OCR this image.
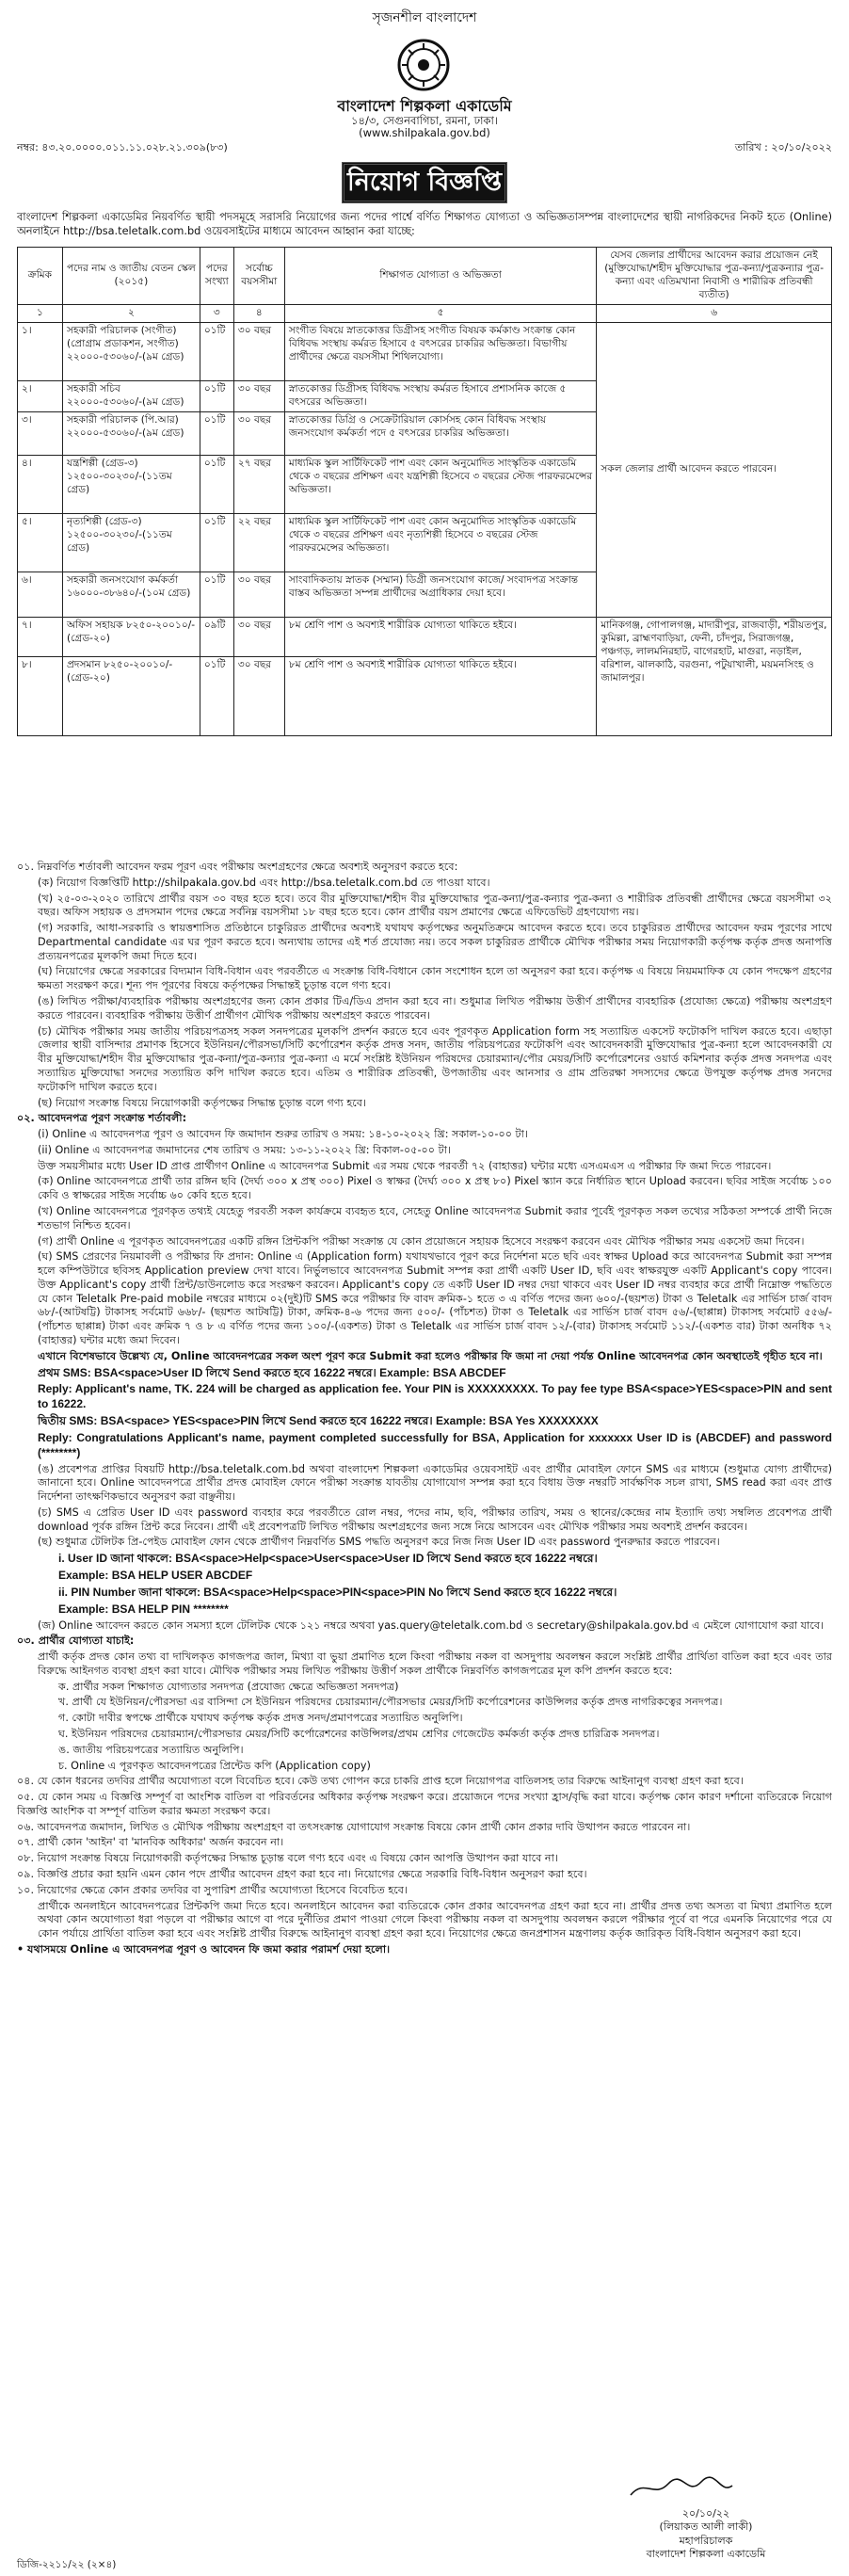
সৃজনশীল বাংলাদেশ
বাংলাদেশ শিল্পকলা একাডেমি
১৪/৩, সেগুনবাগিচা, রমনা, ঢাকা।
(www.shilpakala.gov.bd)
নম্বর: ৪৩.২০.০০০০.০১১.১১.০২৮.২১.৩০৯(৮৩)	তারিখ : ২০/১০/২০২২
নিয়োগ বিজ্ঞপ্তি
বাংলাদেশ শিল্পকলা একাডেমির নিয়বর্ণিত স্থায়ী পদসমূহে সরাসরি নিয়োগের জন্য পদের পার্শ্বে বর্ণিত শিক্ষাগত যোগ্যতা ও অভিজ্ঞতাসম্পন্ন বাংলাদেশের স্থায়ী নাগরিকদের নিকট হতে (Online) অনলাইনে http://bsa.teletalk.com.bd ওয়েবসাইটের মাধ্যমে আবেদন আহ্বান করা যাচ্ছে:
ক্রমিক	পদের নাম ও জাতীয় বেতন স্কেল (২০১৫)	পদের সংখ্যা	সর্বোচ্চ বয়সসীমা	শিক্ষাগত যোগ্যতা ও অভিজ্ঞতা	যেসব জেলার প্রার্থীদের আবেদন করার প্রয়োজন নেই (মুক্তিযোদ্ধা/শহীদ মুক্তিযোদ্ধার পুত্র-কন্যা/পুত্রকন্যার পুত্র-কন্যা এবং এতিমখানা নিবাসী ও শারীরিক প্রতিবন্ধী ব্যতীত)
১	২	৩	৪	৫	৬
১।	সহকারী পরিচালক (সংগীত) (প্রোগ্রাম প্রডাকশন, সংগীত) ২২০০০-৫৩০৬০/-(৯ম গ্রেড)	০১টি	৩০ বছর	সংগীত বিষয়ে স্নাতকোত্তর ডিগ্রীসহ সংগীত বিষয়ক কর্মকাণ্ড সংক্রান্ত কোন বিধিবদ্ধ সংস্থায় কর্মরত হিসাবে ৫ বৎসরের চাকরির অভিজ্ঞতা। বিভাগীয় প্রার্থীদের ক্ষেত্রে বয়সসীমা শিথিলযোগ্য।	সকল জেলার প্রার্থী আবেদন করতে পারবেন।
২।	সহকারী সচিব ২২০০০-৫৩০৬০/-(৯ম গ্রেড)	০১টি	৩০ বছর	স্নাতকোত্তর ডিগ্রীসহ বিধিবদ্ধ সংস্থায় কর্মরত হিসাবে প্রশাসনিক কাজে ৫ বৎসরের অভিজ্ঞতা।	
৩।	সহকারী পরিচালক (পি.আর) ২২০০০-৫৩০৬০/-(৯ম গ্রেড)	০১টি	৩০ বছর	স্নাতকোত্তর ডিগ্রি ও সেক্রেটারিয়াল কোর্সসহ কোন বিধিবদ্ধ সংস্থায় জনসংযোগ কর্মকর্তা পদে ৫ বৎসরের চাকরির অভিজ্ঞতা।	
৪।	যন্ত্রশিল্পী (গ্রেড-৩) ১২৫০০-৩০২৩০/-(১১তম গ্রেড)	০১টি	২৭ বছর	মাধ্যমিক স্কুল সার্টিফিকেট পাশ এবং কোন অনুমোদিত সাংস্কৃতিক একাডেমি থেকে ৩ বছরের প্রশিক্ষণ এবং যন্ত্রশিল্পী হিসেবে ৩ বছরের স্টেজ পারফরমেন্সের অভিজ্ঞতা।	
৫।	নৃত্যশিল্পী (গ্রেড-৩) ১২৫০০-৩০২৩০/-(১১তম গ্রেড)	০১টি	২২ বছর	মাধ্যমিক স্কুল সার্টিফিকেট পাশ এবং কোন অনুমোদিত সাংস্কৃতিক একাডেমি থেকে ৩ বছরের প্রশিক্ষণ এবং নৃত্যশিল্পী হিসেবে ৩ বছরের স্টেজ পারফরমেন্সের অভিজ্ঞতা।	
৬।	সহকারী জনসংযোগ কর্মকর্তা ১৬০০০-৩৮৬৪০/-(১০ম গ্রেড)	০১টি	৩০ বছর	সাংবাদিকতায় স্নাতক (সম্মান) ডিগ্রী জনসংযোগ কাজে/ সংবাদপত্র সংক্রান্ত বাস্তব অভিজ্ঞতা সম্পন্ন প্রার্থীদের অগ্রাধিকার দেয়া হবে।	
৭।	অফিস সহায়ক ৮২৫০-২০০১০/-(গ্রেড-২০)	০৯টি	৩০ বছর	৮ম শ্রেণি পাশ ও অবশ্যই শারীরিক যোগ্যতা থাকিতে হইবে।	মানিকগঞ্জ, গোপালগঞ্জ, মাদারীপুর, রাজবাড়ী, শরীয়তপুর, কুমিল্লা, ব্রাহ্মণবাড়িয়া, ফেনী, চাঁদপুর, সিরাজগঞ্জ, পঞ্চগড়, লালমনিরহাট, বাগেরহাট, মাগুরা, নড়াইল, বরিশাল, ঝালকাঠি, বরগুনা, পটুয়াখালী, ময়মনসিংহ ও জামালপুর।
৮।	প্রদসমান ৮২৫০-২০০১০/-(গ্রেড-২০)	০১টি	৩০ বছর	৮ম শ্রেণি পাশ ও অবশ্যই শারীরিক যোগ্যতা থাকিতে হইবে।	

০১. নিম্নবর্ণিত শর্তাবলী আবেদন ফরম পূরণ এবং পরীক্ষায় অংশগ্রহণের ক্ষেত্রে অবশ্যই অনুসরণ করতে হবে:

(ক) নিয়োগ বিজ্ঞপ্তিটি http://shilpakala.gov.bd এবং http://bsa.teletalk.com.bd তে পাওয়া যাবে।

(খ) ২৫-০৩-২০২০ তারিখে প্রার্থীর বয়স ৩০ বছর হতে হবে। তবে বীর মুক্তিযোদ্ধা/শহীদ বীর মুক্তিযোদ্ধার পুত্র-কন্যা/পুত্র-কন্যার পুত্র-কন্যা ও শারীরিক প্রতিবন্ধী প্রার্থীদের ক্ষেত্রে বয়সসীমা ৩২ বছর। অফিস সহায়ক ও প্রদসমান পদের ক্ষেত্রে সর্বনিম্ন বয়সসীমা ১৮ বছর হতে হবে। কোন প্রার্থীর বয়স প্রমাণের ক্ষেত্রে এফিডেভিট গ্রহণযোগ্য নয়।

(গ) সরকারি, আধা-সরকারি ও স্বায়ত্তশাসিত প্রতিষ্ঠানে চাকুরিরত প্রার্থীদের অবশ্যই যথাযথ কর্তৃপক্ষের অনুমতিক্রমে আবেদন করতে হবে। তবে চাকুরিরত প্রার্থীদের আবেদন ফরম পূরণের সাথে Departmental candidate এর ঘর পূরণ করতে হবে। অন্যথায় তাদের এই শর্ত প্রযোজ্য নয়। তবে সকল চাকুরিরত প্রার্থীকে মৌখিক পরীক্ষার সময় নিয়োগকারী কর্তৃপক্ষ কর্তৃক প্রদত্ত অনাপত্তি প্রত্যয়নপত্রের মূলকপি জমা দিতে হবে।

(ঘ) নিয়োগের ক্ষেত্রে সরকারের বিদ্যমান বিধি-বিধান এবং পরবর্তীতে এ সংক্রান্ত বিধি-বিধানে কোন সংশোধন হলে তা অনুসরণ করা হবে। কর্তৃপক্ষ এ বিষয়ে নিয়মমাফিক যে কোন পদক্ষেপ গ্রহণের ক্ষমতা সংরক্ষণ করে। শূন্য পদ পূরণের বিষয়ে কর্তৃপক্ষের সিদ্ধান্তই চূড়ান্ত বলে গণ্য হবে।

(ঙ) লিখিত পরীক্ষা/ব্যবহারিক পরীক্ষায় অংশগ্রহণের জন্য কোন প্রকার টিএ/ডিএ প্রদান করা হবে না। শুধুমাত্র লিখিত পরীক্ষায় উত্তীর্ণ প্রার্থীদের ব্যবহারিক (প্রযোজ্য ক্ষেত্রে) পরীক্ষায় অংশগ্রহণ করতে পারবেন। ব্যবহারিক পরীক্ষায় উত্তীর্ণ প্রার্থীগণ মৌখিক পরীক্ষায় অংশগ্রহণ করতে পারবেন।

(চ) মৌখিক পরীক্ষার সময় জাতীয় পরিচয়পত্রসহ সকল সনদপত্রের মূলকপি প্রদর্শন করতে হবে এবং পূরণকৃত Application form সহ সত্যায়িত একসেট ফটোকপি দাখিল করতে হবে। এছাড়া জেলার স্থায়ী বাসিন্দার প্রমাণক হিসেবে ইউনিয়ন/পৌরসভা/সিটি কর্পোরেশন কর্তৃক প্রদত্ত সনদ, জাতীয় পরিচয়পত্রের ফটোকপি এবং আবেদনকারী মুক্তিযোদ্ধার পুত্র-কন্যা হলে আবেদনকারী যে বীর মুক্তিযোদ্ধা/শহীদ বীর মুক্তিযোদ্ধার পুত্র-কন্যা/পুত্র-কন্যার পুত্র-কন্যা এ মর্মে সংশ্লিষ্ট ইউনিয়ন পরিষদের চেয়ারম্যান/পৌর মেয়র/সিটি কর্পোরেশনের ওয়ার্ড কমিশনার কর্তৃক প্রদত্ত সনদপত্র এবং সত্যায়িত মুক্তিযোদ্ধা সনদের সত্যায়িত কপি দাখিল করতে হবে। এতিম ও শারীরিক প্রতিবন্ধী, উপজাতীয় এবং আনসার ও গ্রাম প্রতিরক্ষা সদস্যদের ক্ষেত্রে উপযুক্ত কর্তৃপক্ষ প্রদত্ত সনদের ফটোকপি দাখিল করতে হবে।

(ছ) নিয়োগ সংক্রান্ত বিষয়ে নিয়োগকারী কর্তৃপক্ষের সিদ্ধান্ত চূড়ান্ত বলে গণ্য হবে।

০২. আবেদনপত্র পূরণ সংক্রান্ত শর্তাবলী:

(i) Online এ আবেদনপত্র পূরণ ও আবেদন ফি জমাদান শুরুর তারিখ ও সময়: ১৪-১০-২০২২ খ্রি: সকাল-১০-০০ টা।

(ii) Online এ আবেদনপত্র জমাদানের শেষ তারিখ ও সময়: ১৩-১১-২০২২ খ্রি: বিকাল-০৫-০০ টা।

উক্ত সময়সীমার মধ্যে User ID প্রাপ্ত প্রার্থীগণ Online এ আবেদনপত্র Submit এর সময় থেকে পরবর্তী ৭২ (বাহাত্তর) ঘন্টার মধ্যে এসএমএস এ পরীক্ষার ফি জমা দিতে পারবেন।

(ক) Online আবেদনপত্রে প্রার্থী তার রঙ্গিন ছবি (দৈর্ঘ্য ৩০০ x প্রস্থ ৩০০) Pixel ও স্বাক্ষর (দৈর্ঘ্য ৩০০ x প্রস্থ ৮০) Pixel স্ক্যান করে নির্ধারিত স্থানে Upload করবেন। ছবির সাইজ সর্বোচ্চ ১০০ কেবি ও স্বাক্ষরের সাইজ সর্বোচ্চ ৬০ কেবি হতে হবে।

(খ) Online আবেদনপত্রে পূরণকৃত তথ্যই যেহেতু পরবর্তী সকল কার্যক্রমে ব্যবহৃত হবে, সেহেতু Online আবেদনপত্র Submit করার পূর্বেই পূরণকৃত সকল তথ্যের সঠিকতা সম্পর্কে প্রার্থী নিজে শতভাগ নিশ্চিত হবেন।

(গ) প্রার্থী Online এ পূরণকৃত আবেদনপত্রের একটি রঙ্গিন প্রিন্টকপি পরীক্ষা সংক্রান্ত যে কোন প্রয়োজনে সহায়ক হিসেবে সংরক্ষণ করবেন এবং মৌখিক পরীক্ষার সময় একসেট জমা দিবেন।

(ঘ) SMS প্রেরণের নিয়মাবলী ও পরীক্ষার ফি প্রদান: Online এ (Application form) যথাযথভাবে পূরণ করে নির্দেশনা মতে ছবি এবং স্বাক্ষর Upload করে আবেদনপত্র Submit করা সম্পন্ন হলে কম্পিউটারে ছবিসহ Application preview দেখা যাবে। নির্ভুলভাবে আবেদনপত্র Submit সম্পন্ন করা প্রার্থী একটি User ID, ছবি এবং স্বাক্ষরযুক্ত একটি Applicant's copy পাবেন। উক্ত Applicant's copy প্রার্থী প্রিন্ট/ডাউনলোড করে সংরক্ষণ করবেন। Applicant's copy তে একটি User ID নম্বর দেয়া থাকবে এবং User ID নম্বর ব্যবহার করে প্রার্থী নিম্নোক্ত পদ্ধতিতে যে কোন Teletalk Pre-paid mobile নম্বরের মাধ্যমে ০২(দুই)টি SMS করে পরীক্ষার ফি বাবদ ক্রমিক-১ হতে ৩ এ বর্ণিত পদের জন্য ৬০০/-(ছয়শত) টাকা ও Teletalk এর সার্ভিস চার্জ বাবদ ৬৮/-(আটষট্টি) টাকাসহ সর্বমোট ৬৬৮/- (ছয়শত আটষট্টি) টাকা, ক্রমিক-৪-৬ পদের জন্য ৫০০/- (পাঁচশত) টাকা ও Teletalk এর সার্ভিস চার্জ বাবদ ৫৬/-(ছাপ্পান্ন) টাকাসহ সর্বমোট ৫৫৬/-(পাঁচশত ছাপ্পান্ন) টাকা এবং ক্রমিক ৭ ও ৮ এ বর্ণিত পদের জন্য ১০০/-(একশত) টাকা ও Teletalk এর সার্ভিস চার্জ বাবদ ১২/-(বার) টাকাসহ সর্বমোট ১১২/-(একশত বার) টাকা অনধিক ৭২ (বাহাত্তর) ঘন্টার মধ্যে জমা দিবেন।

এখানে বিশেষভাবে উল্লেখ্য যে, Online আবেদনপত্রের সকল অংশ পূরণ করে Submit করা হলেও পরীক্ষার ফি জমা না দেয়া পর্যন্ত Online আবেদনপত্র কোন অবস্থাতেই গৃহীত হবে না।

প্রথম SMS: BSA<space>User ID লিখে Send করতে হবে 16222 নম্বরে। Example: BSA ABCDEF

Reply: Applicant's name, TK. 224 will be charged as application fee. Your PIN is XXXXXXXXX. To pay fee type BSA<space>YES<space>PIN and sent to 16222.

দ্বিতীয় SMS: BSA<space> YES<space>PIN লিখে Send করতে হবে 16222 নম্বরে। Example: BSA Yes XXXXXXXX

Reply: Congratulations Applicant's name, payment completed successfully for BSA, Application for xxxxxxx User ID is (ABCDEF) and password (********)

(ঙ) প্রবেশপত্র প্রাপ্তির বিষয়টি http://bsa.teletalk.com.bd অথবা বাংলাদেশ শিল্পকলা একাডেমির ওয়েবসাইট এবং প্রার্থীর মোবাইল ফোনে SMS এর মাধ্যমে (শুধুমাত্র যোগ্য প্রার্থীদের) জানানো হবে। Online আবেদনপত্রে প্রার্থীর প্রদত্ত মোবাইল ফোনে পরীক্ষা সংক্রান্ত যাবতীয় যোগাযোগ সম্পন্ন করা হবে বিধায় উক্ত নম্বরটি সার্বক্ষণিক সচল রাখা, SMS read করা এবং প্রাপ্ত নির্দেশনা তাৎক্ষণিকভাবে অনুসরণ করা বাঞ্ছনীয়।

(চ) SMS এ প্রেরিত User ID এবং password ব্যবহার করে পরবর্তীতে রোল নম্বর, পদের নাম, ছবি, পরীক্ষার তারিখ, সময় ও স্থানের/কেন্দ্রের নাম ইত্যাদি তথ্য সম্বলিত প্রবেশপত্র প্রার্থী download পূর্বক রঙ্গিন প্রিন্ট করে নিবেন। প্রার্থী এই প্রবেশপত্রটি লিখিত পরীক্ষায় অংশগ্রহণের জন্য সঙ্গে নিয়ে আসবেন এবং মৌখিক পরীক্ষার সময় অবশ্যই প্রদর্শন করবেন।

(ছ) শুধুমাত্র টেলিটক প্রি-পেইড মোবাইল ফোন থেকে প্রার্থীগণ নিম্নবর্ণিত SMS পদ্ধতি অনুসরণ করে নিজ নিজ User ID এবং password পুনরুদ্ধার করতে পারবেন।

i. User ID জানা থাকলে: BSA<space>Help<space>User<space>User ID লিখে Send করতে হবে 16222 নম্বরে।

Example: BSA HELP USER ABCDEF

ii. PIN Number জানা থাকলে: BSA<space>Help<space>PIN<space>PIN No লিখে Send করতে হবে 16222 নম্বরে।

Example: BSA HELP PIN ********

(জ) Online আবেদন করতে কোন সমস্যা হলে টেলিটক থেকে ১২১ নম্বরে অথবা yas.query@teletalk.com.bd ও secretary@shilpakala.gov.bd এ মেইলে যোগাযোগ করা যাবে।

০৩. প্রার্থীর যোগ্যতা যাচাই:

প্রার্থী কর্তৃক প্রদত্ত কোন তথ্য বা দাখিলকৃত কাগজপত্র জাল, মিথ্যা বা ভুয়া প্রমাণিত হলে কিংবা পরীক্ষায় নকল বা অসদুপায় অবলম্বন করলে সংশ্লিষ্ট প্রার্থীর প্রার্থিতা বাতিল করা হবে এবং তার বিরুদ্ধে আইনগত ব্যবস্থা গ্রহণ করা যাবে। মৌখিক পরীক্ষার সময় লিখিত পরীক্ষায় উত্তীর্ণ সকল প্রার্থীকে নিম্নবর্ণিত কাগজপত্রের মূল কপি প্রদর্শন করতে হবে:

ক. প্রার্থীর সকল শিক্ষাগত যোগ্যতার সনদপত্র (প্রযোজ্য ক্ষেত্রে অভিজ্ঞতা সনদপত্র)

খ. প্রার্থী যে ইউনিয়ন/পৌরসভা এর বাসিন্দা সে ইউনিয়ন পরিষদের চেয়ারম্যান/পৌরসভার মেয়র/সিটি কর্পোরেশনের কাউন্সিলর কর্তৃক প্রদত্ত নাগরিকত্বের সনদপত্র।

গ. কোটা দাবীর স্বপক্ষে প্রার্থীকে যথাযথ কর্তৃপক্ষ কর্তৃক প্রদত্ত সনদ/প্রমাণপত্রের সত্যায়িত অনুলিপি।

ঘ. ইউনিয়ন পরিষদের চেয়ারম্যান/পৌরসভার মেয়র/সিটি কর্পোরেশনের কাউন্সিলর/প্রথম শ্রেণির গেজেটেড কর্মকর্তা কর্তৃক প্রদত্ত চারিত্রিক সনদপত্র।

ঙ. জাতীয় পরিচয়পত্রের সত্যায়িত অনুলিপি।

চ. Online এ পূরণকৃত আবেদনপত্রের প্রিন্টেড কপি (Application copy)

০৪. যে কোন ধরনের তদবির প্রার্থীর অযোগ্যতা বলে বিবেচিত হবে। কেউ তথ্য গোপন করে চাকরি প্রাপ্ত হলে নিয়োগপত্র বাতিলসহ তার বিরুদ্ধে আইনানুগ ব্যবস্থা গ্রহণ করা হবে।

০৫. যে কোন সময় এ বিজ্ঞপ্তি সম্পূর্ণ বা আংশিক বাতিল বা পরিবর্তনের অধিকার কর্তৃপক্ষ সংরক্ষণ করে। প্রয়োজনে পদের সংখ্যা হ্রাস/বৃদ্ধি করা যাবে। কর্তৃপক্ষ কোন কারণ দর্শানো ব্যতিরেকে নিয়োগ বিজ্ঞপ্তি আংশিক বা সম্পূর্ণ বাতিল করার ক্ষমতা সংরক্ষণ করে।

০৬. আবেদনপত্র জমাদান, লিখিত ও মৌখিক পরীক্ষায় অংশগ্রহণ বা তৎসংক্রান্ত যোগাযোগ সংক্রান্ত বিষয়ে কোন প্রার্থী কোন প্রকার দাবি উত্থাপন করতে পারবেন না।

০৭. প্রার্থী কোন 'আইন' বা 'মানবিক অধিকার' অর্জন করবেন না।

০৮. নিয়োগ সংক্রান্ত বিষয়ে নিয়োগকারী কর্তৃপক্ষের সিদ্ধান্ত চূড়ান্ত বলে গণ্য হবে এবং এ বিষয়ে কোন আপত্তি উত্থাপন করা যাবে না।

০৯. বিজ্ঞপ্তি প্রচার করা হয়নি এমন কোন পদে প্রার্থীর আবেদন গ্রহণ করা হবে না। নিয়োগের ক্ষেত্রে সরকারি বিধি-বিধান অনুসরণ করা হবে।

১০. নিয়োগের ক্ষেত্রে কোন প্রকার তদবির বা সুপারিশ প্রার্থীর অযোগ্যতা হিসেবে বিবেচিত হবে।

প্রার্থীকে অনলাইনে আবেদনপত্রের প্রিন্টকপি জমা দিতে হবে। অনলাইনে আবেদন করা ব্যতিরেকে কোন প্রকার আবেদনপত্র গ্রহণ করা হবে না। প্রার্থীর প্রদত্ত তথ্য অসত্য বা মিথ্যা প্রমাণিত হলে অথবা কোন অযোগ্যতা ধরা পড়লে বা পরীক্ষার আগে বা পরে দুর্নীতির প্রমাণ পাওয়া গেলে কিংবা পরীক্ষায় নকল বা অসদুপায় অবলম্বন করলে পরীক্ষার পূর্বে বা পরে এমনকি নিয়োগের পরে যে কোন পর্যায়ে প্রার্থিতা বাতিল করা হবে এবং সংশ্লিষ্ট প্রার্থীর বিরুদ্ধে আইনানুগ ব্যবস্থা গ্রহণ করা হবে। নিয়োগের ক্ষেত্রে জনপ্রশাসন মন্ত্রণালয় কর্তৃক জারিকৃত বিধি-বিধান অনুসরণ করা হবে।

• যথাসময়ে Online এ আবেদনপত্র পূরণ ও আবেদন ফি জমা করার পরামর্শ দেয়া হলো।

২০/১০/২২
(লিয়াকত আলী লাকী)
মহাপরিচালক
বাংলাদেশ শিল্পকলা একাডেমি
ডিজি-২২১১/২২ (২×৪)
